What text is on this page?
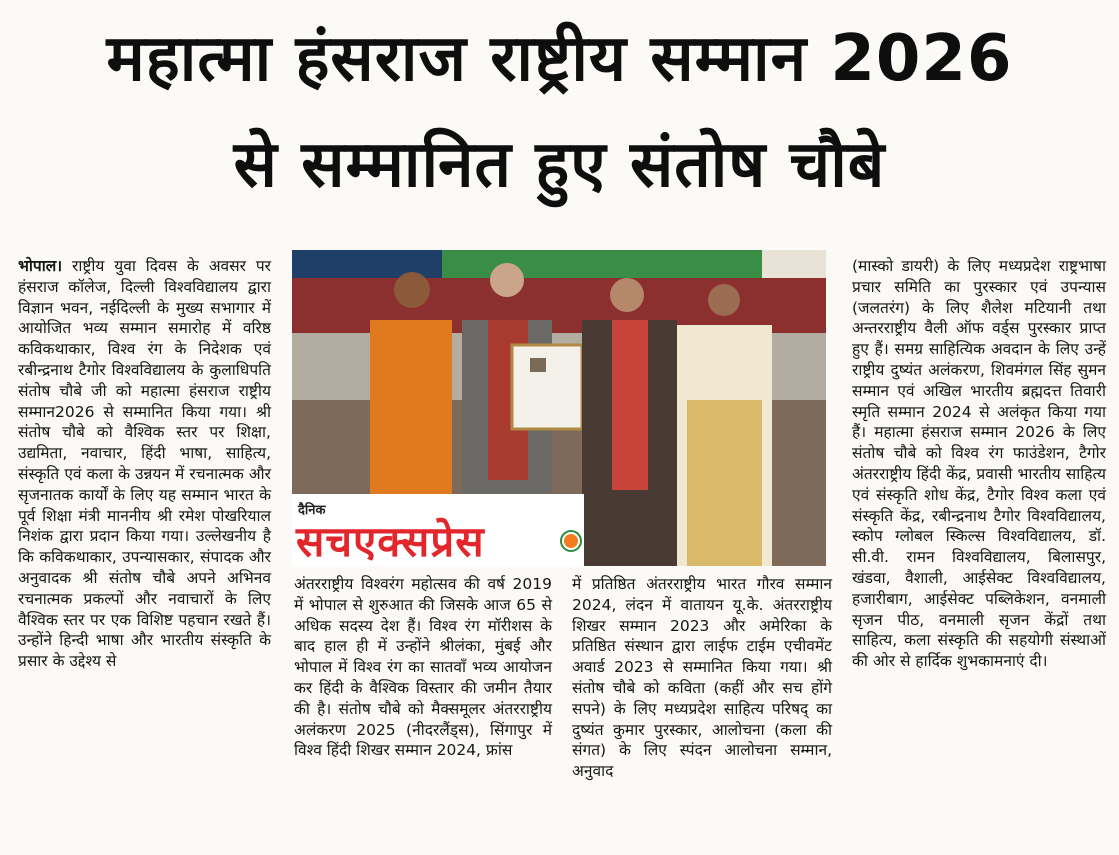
महात्मा हंसराज राष्ट्रीय सम्मान 2026
से सम्मानित हुए संतोष चौबे
भोपाल। राष्ट्रीय युवा दिवस के अवसर पर हंसराज कॉलेज, दिल्ली विश्वविद्यालय द्वारा विज्ञान भवन, नईदिल्ली के मुख्य सभागार में आयोजित भव्य सम्मान समारोह में वरिष्ठ कविकथाकार, विश्व रंग के निदेशक एवं रबीन्द्रनाथ टैगोर विश्वविद्यालय के कुलाधिपति संतोष चौबे जी को महात्मा हंसराज राष्ट्रीय सम्मान2026 से सम्मानित किया गया। श्री संतोष चौबे को वैश्विक स्तर पर शिक्षा, उद्यमिता, नवाचार, हिंदी भाषा, साहित्य, संस्कृति एवं कला के उन्नयन में रचनात्मक और सृजनातक कार्यों के लिए यह सम्मान भारत के पूर्व शिक्षा मंत्री माननीय श्री रमेश पोखरियाल निशंक द्वारा प्रदान किया गया। उल्लेखनीय है कि कविकथाकार, उपन्यासकार, संपादक और अनुवादक श्री संतोष चौबे अपने अभिनव रचनात्मक प्रकल्पों और नवाचारों के लिए वैश्विक स्तर पर एक विशिष्ट पहचान रखते हैं। उन्होंने हिन्दी भाषा और भारतीय संस्कृति के प्रसार के उद्देश्य से
दैनिक
सचएक्सप्रेस
अंतरराष्ट्रीय विश्वरंग महोत्सव की वर्ष 2019 में भोपाल से शुरुआत की जिसके आज 65 से अधिक सदस्य देश हैं। विश्व रंग मॉरीशस के बाद हाल ही में उन्होंने श्रीलंका, मुंबई और भोपाल में विश्व रंग का सातवाँ भव्य आयोजन कर हिंदी के वैश्विक विस्तार की जमीन तैयार की है। संतोष चौबे को मैक्समूलर अंतरराष्ट्रीय अलंकरण 2025 (नीदरलैंड्स), सिंगापुर में विश्व हिंदी शिखर सम्मान 2024, फ्रांस
में प्रतिष्ठित अंतरराष्ट्रीय भारत गौरव सम्मान 2024, लंदन में वातायन यू.के. अंतरराष्ट्रीय शिखर सम्मान 2023 और अमेरिका के प्रतिष्ठित संस्थान द्वारा लाईफ टाईम एचीवमेंट अवार्ड 2023 से सम्मानित किया गया। श्री संतोष चौबे को कविता (कहीं और सच होंगे सपने) के लिए मध्यप्रदेश साहित्य परिषद् का दुष्यंत कुमार पुरस्कार, आलोचना (कला की संगत) के लिए स्पंदन आलोचना सम्मान, अनुवाद
(मास्को डायरी) के लिए मध्यप्रदेश राष्ट्रभाषा प्रचार समिति का पुरस्कार एवं उपन्यास (जलतरंग) के लिए शैलेश मटियानी तथा अन्तरराष्ट्रीय वैली ऑफ वर्ड्स पुरस्कार प्राप्त हुए हैं। समग्र साहित्यिक अवदान के लिए उन्हें राष्ट्रीय दुष्यंत अलंकरण, शिवमंगल सिंह सुमन सम्मान एवं अखिल भारतीय ब्रह्मदत्त तिवारी स्मृति सम्मान 2024 से अलंकृत किया गया हैं। महात्मा हंसराज सम्मान 2026 के लिए संतोष चौबे को विश्व रंग फाउंडेशन, टैगोर अंतरराष्ट्रीय हिंदी केंद्र, प्रवासी भारतीय साहित्य एवं संस्कृति शोध केंद्र, टैगोर विश्व कला एवं संस्कृति केंद्र, रबीन्द्रनाथ टैगोर विश्वविद्यालय, स्कोप ग्लोबल स्किल्स विश्वविद्यालय, डॉ. सी.वी. रामन विश्वविद्यालय, बिलासपुर, खंडवा, वैशाली, आईसेक्ट विश्वविद्यालय, हजारीबाग, आईसेक्ट पब्लिकेशन, वनमाली सृजन पीठ, वनमाली सृजन केंद्रों तथा साहित्य, कला संस्कृति की सहयोगी संस्थाओं की ओर से हार्दिक शुभकामनाएं दी।
